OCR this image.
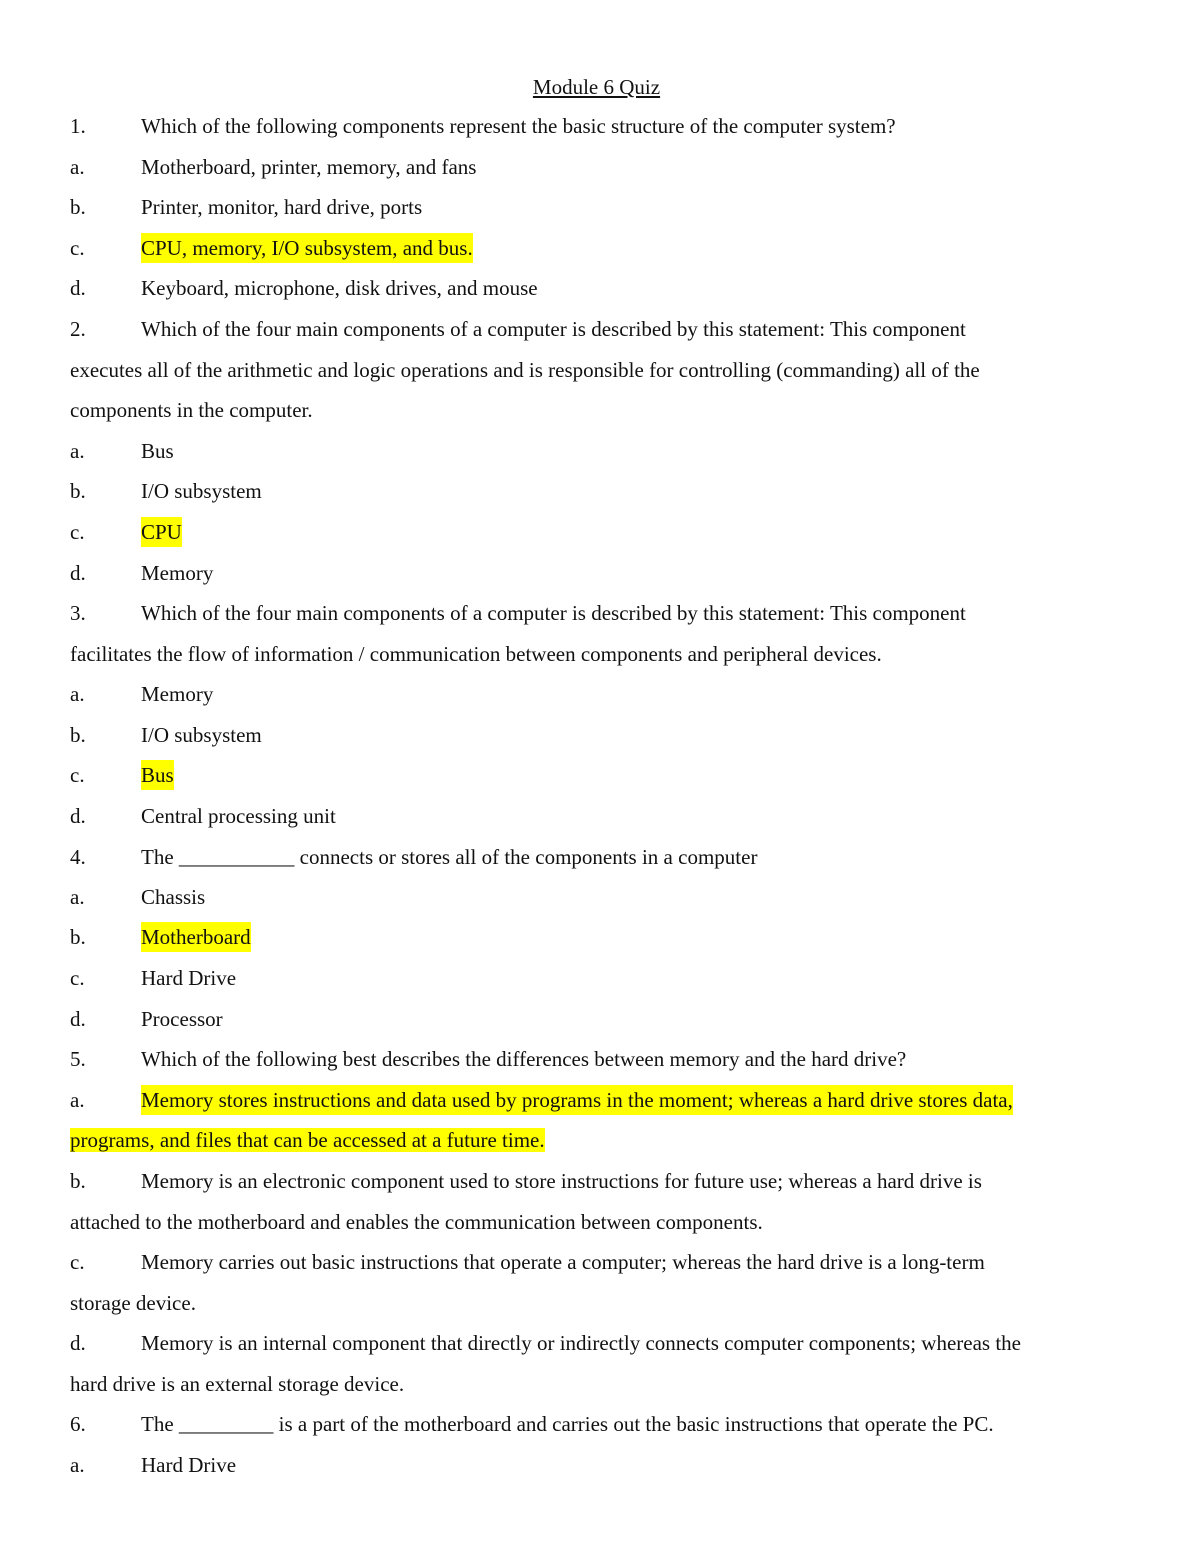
Module 6 Quiz
1.	Which of the following components represent the basic structure of the computer system?
a.	Motherboard, printer, memory, and fans
b.	Printer, monitor, hard drive, ports
c.	CPU, memory, I/O subsystem, and bus.
d.	Keyboard, microphone, disk drives, and mouse
2.	Which of the four main components of a computer is described by this statement: This component
executes all of the arithmetic and logic operations and is responsible for controlling (commanding) all of the
components in the computer.
a.	Bus
b.	I/O subsystem
c.	CPU
d.	Memory
3.	Which of the four main components of a computer is described by this statement: This component
facilitates the flow of information / communication between components and peripheral devices.
a.	Memory
b.	I/O subsystem
c.	Bus
d.	Central processing unit
4.	The ___________ connects or stores all of the components in a computer
a.	Chassis
b.	Motherboard
c.	Hard Drive
d.	Processor
5.	Which of the following best describes the differences between memory and the hard drive?
a.	Memory stores instructions and data used by programs in the moment; whereas a hard drive stores data,
programs, and files that can be accessed at a future time.
b.	Memory is an electronic component used to store instructions for future use; whereas a hard drive is
attached to the motherboard and enables the communication between components.
c.	Memory carries out basic instructions that operate a computer; whereas the hard drive is a long-term
storage device.
d.	Memory is an internal component that directly or indirectly connects computer components; whereas the
hard drive is an external storage device.
6.	The _________ is a part of the motherboard and carries out the basic instructions that operate the PC.
a.	Hard Drive
